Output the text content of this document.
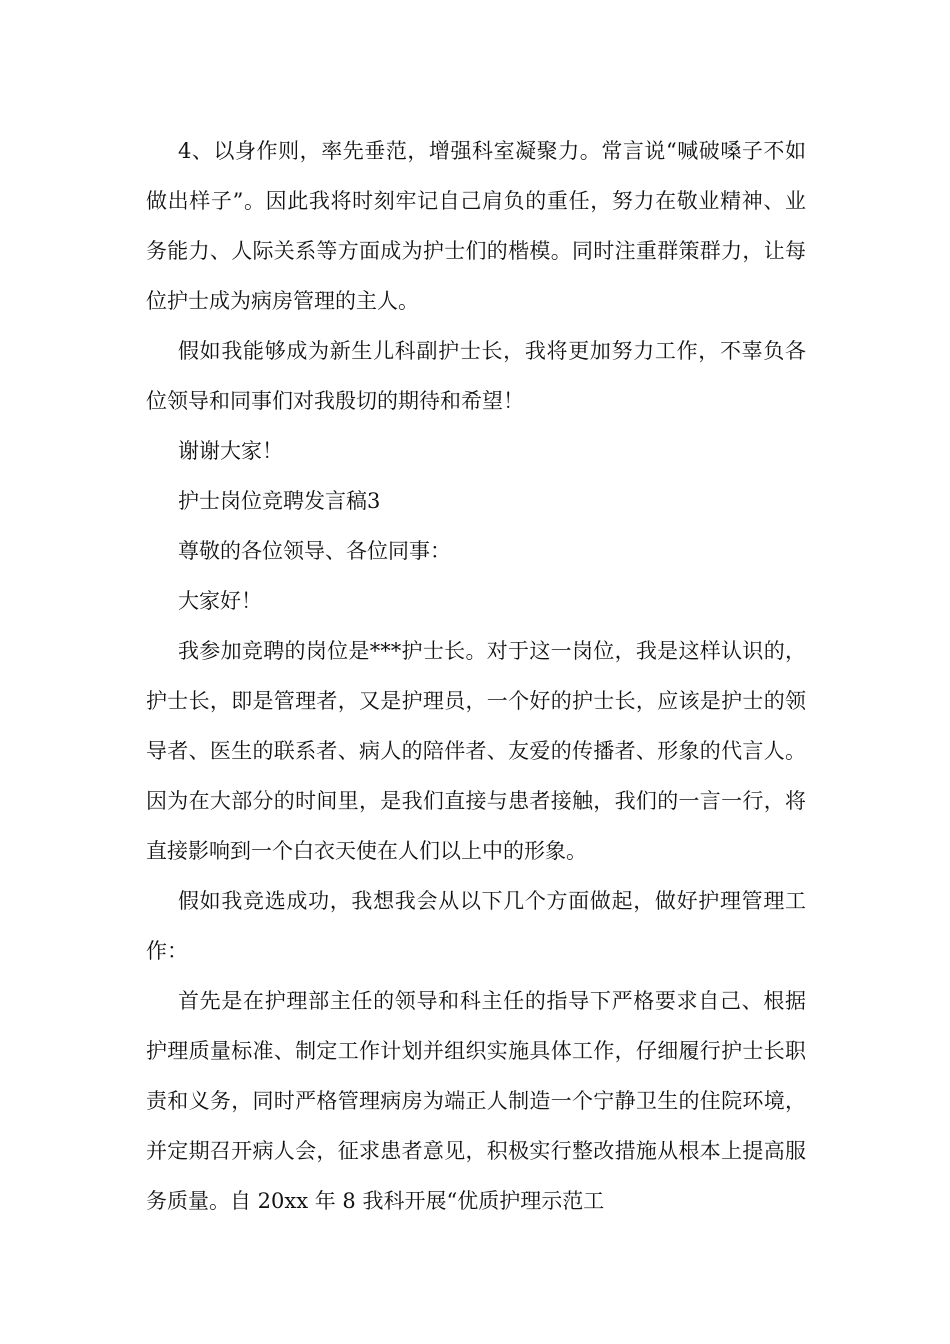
4、以身作则，率先垂范，增强科室凝聚力。常言说“喊破嗓子不如做出样子”。因此我将时刻牢记自己肩负的重任，努力在敬业精神、业务能力、人际关系等方面成为护士们的楷模。同时注重群策群力，让每位护士成为病房管理的主人。

假如我能够成为新生儿科副护士长，我将更加努力工作，不辜负各位领导和同事们对我殷切的期待和希望！

谢谢大家！

护士岗位竞聘发言稿3

尊敬的各位领导、各位同事：

大家好！

我参加竞聘的岗位是***护士长。对于这一岗位，我是这样认识的，护士长，即是管理者，又是护理员，一个好的护士长，应该是护士的领导者、医生的联系者、病人的陪伴者、友爱的传播者、形象的代言人。因为在大部分的时间里，是我们直接与患者接触，我们的一言一行，将直接影响到一个白衣天使在人们以上中的形象。

假如我竞选成功，我想我会从以下几个方面做起，做好护理管理工作：

首先是在护理部主任的领导和科主任的指导下严格要求自己、根据护理质量标准、制定工作计划并组织实施具体工作，仔细履行护士长职责和义务，同时严格管理病房为端正人制造一个宁静卫生的住院环境，并定期召开病人会，征求患者意见，积极实行整改措施从根本上提高服务质量。自 20xx 年 8 我科开展“优质护理示范工
